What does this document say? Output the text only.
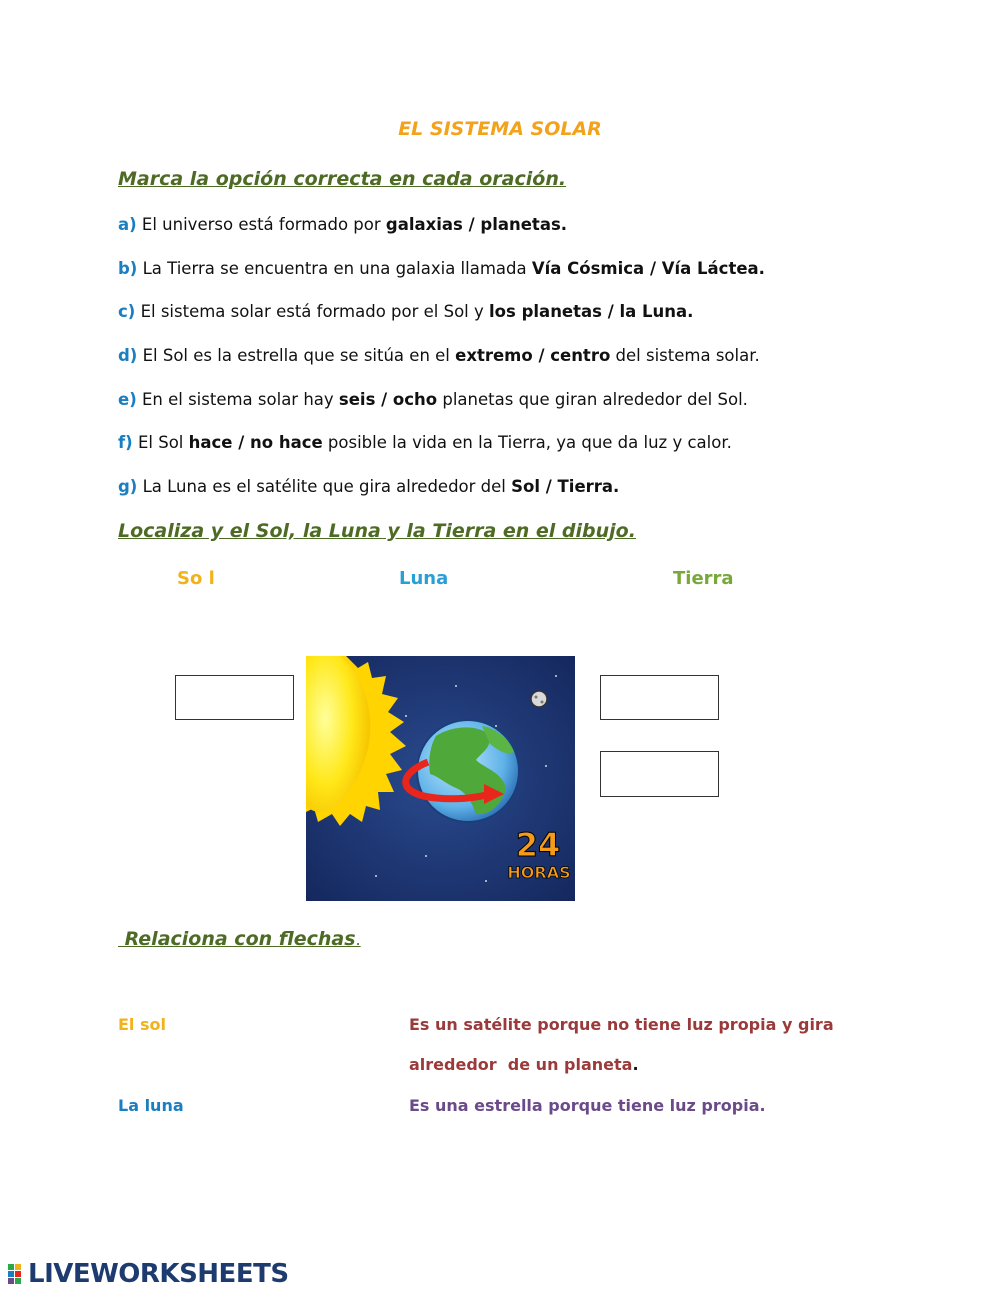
EL SISTEMA SOLAR
Marca la opción correcta en cada oración.
a) El universo está formado por galaxias / planetas.
b) La Tierra se encuentra en una galaxia llamada Vía Cósmica / Vía Láctea.
c) El sistema solar está formado por el Sol y los planetas / la Luna.
d) El Sol es la estrella que se sitúa en el extremo / centro del sistema solar.
e) En el sistema solar hay seis / ocho planetas que giran alrededor del Sol.
f) El Sol hace / no hace posible la vida en la Tierra, ya que da luz y calor.
g) La Luna es el satélite que gira alrededor del Sol / Tierra.
Localiza y el Sol, la Luna y la Tierra en el dibujo.
So l	Luna	Tierra
24
HORAS
Relaciona con flechas.
El sol
La luna
Es un satélite porque no tiene luz propia y gira
alrededor  de un planeta.
Es una estrella porque tiene luz propia.
LIVEWORKSHEETS
